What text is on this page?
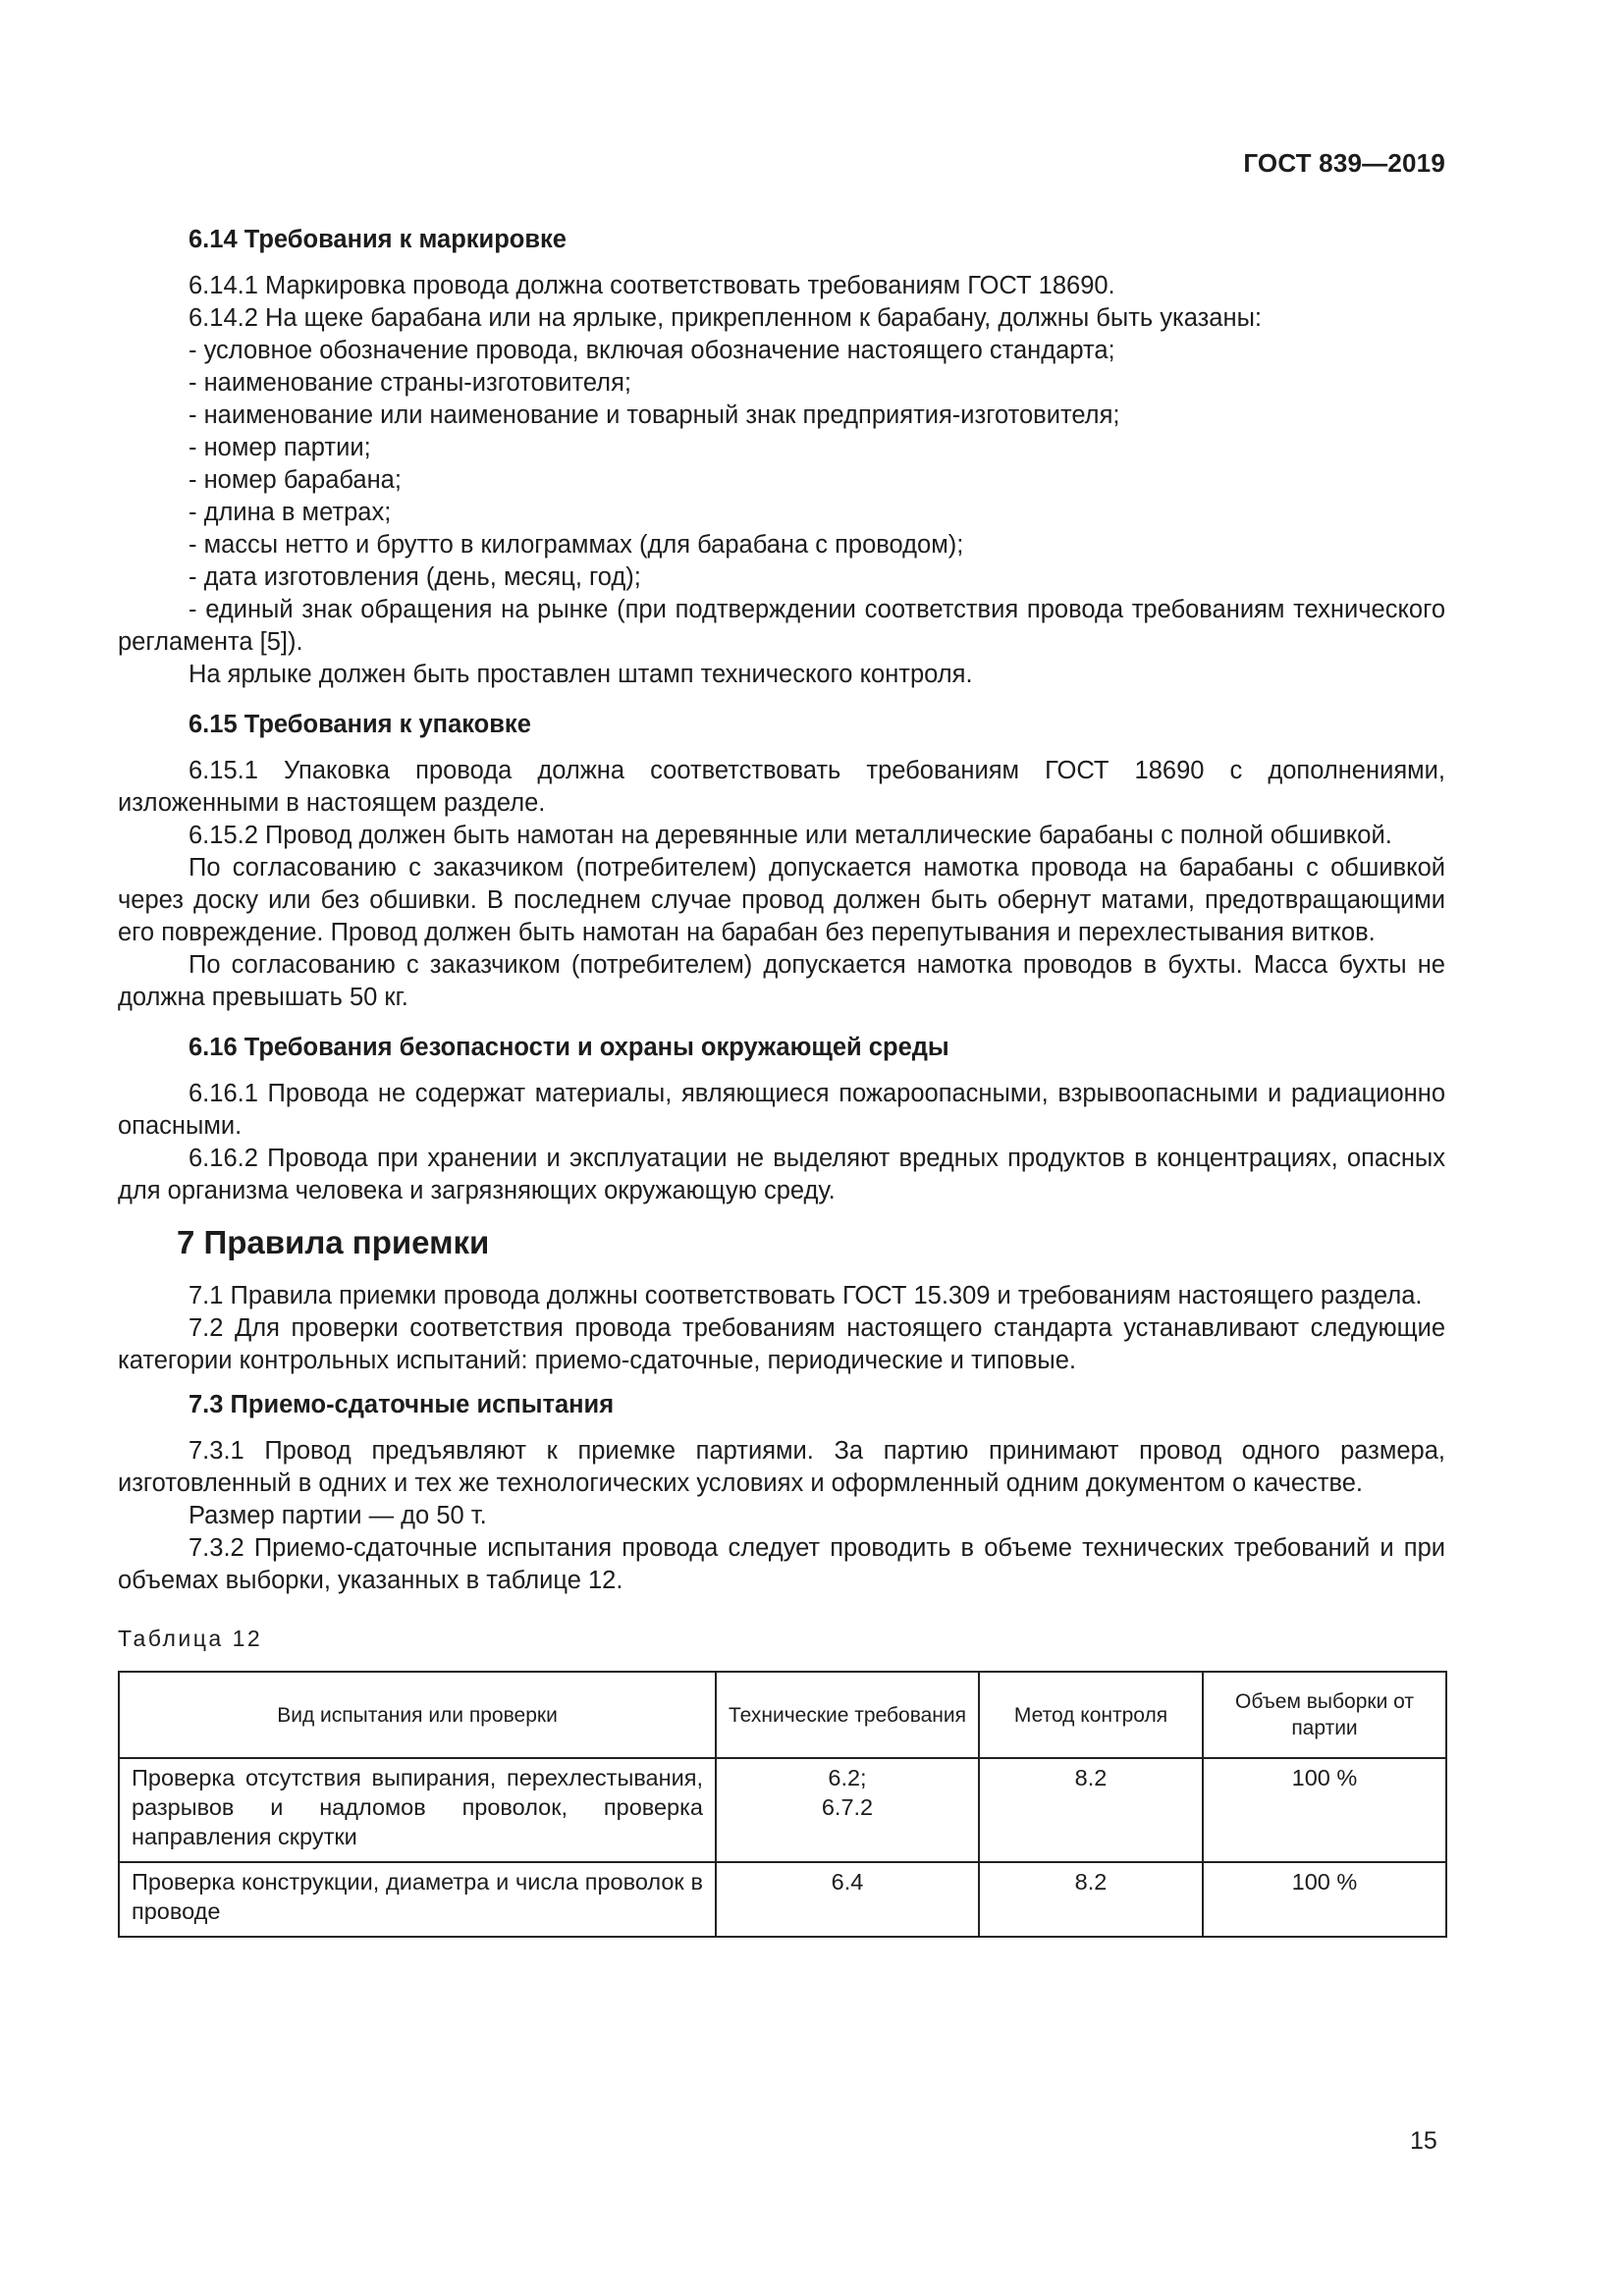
ГОСТ 839—2019
6.14 Требования к маркировке

6.14.1 Маркировка провода должна соответствовать требованиям ГОСТ 18690.

6.14.2 На щеке барабана или на ярлыке, прикрепленном к барабану, должны быть указаны:

- условное обозначение провода, включая обозначение настоящего стандарта;

- наименование страны-изготовителя;

- наименование или наименование и товарный знак предприятия-изготовителя;

- номер партии;

- номер барабана;

- длина в метрах;

- массы нетто и брутто в килограммах (для барабана с проводом);

- дата изготовления (день, месяц, год);

- единый знак обращения на рынке (при подтверждении соответствия провода требованиям технического регламента [5]).

На ярлыке должен быть проставлен штамп технического контроля.

6.15 Требования к упаковке

6.15.1 Упаковка провода должна соответствовать требованиям ГОСТ 18690 с дополнениями, изложенными в настоящем разделе.

6.15.2 Провод должен быть намотан на деревянные или металлические барабаны с полной обшивкой.

По согласованию с заказчиком (потребителем) допускается намотка провода на барабаны с обшивкой через доску или без обшивки. В последнем случае провод должен быть обернут матами, предотвращающими его повреждение. Провод должен быть намотан на барабан без перепутывания и перехлестывания витков.

По согласованию с заказчиком (потребителем) допускается намотка проводов в бухты. Масса бухты не должна превышать 50 кг.

6.16 Требования безопасности и охраны окружающей среды

6.16.1 Провода не содержат материалы, являющиеся пожароопасными, взрывоопасными и радиационно опасными.

6.16.2 Провода при хранении и эксплуатации не выделяют вредных продуктов в концентрациях, опасных для организма человека и загрязняющих окружающую среду.

7 Правила приемки

7.1 Правила приемки провода должны соответствовать ГОСТ 15.309 и требованиям настоящего раздела.

7.2 Для проверки соответствия провода требованиям настоящего стандарта устанавливают следующие категории контрольных испытаний: приемо-сдаточные, периодические и типовые.

7.3 Приемо-сдаточные испытания

7.3.1 Провод предъявляют к приемке партиями. За партию принимают провод одного размера, изготовленный в одних и тех же технологических условиях и оформленный одним документом о качестве.

Размер партии — до 50 т.

7.3.2 Приемо-сдаточные испытания провода следует проводить в объеме технических требований и при объемах выборки, указанных в таблице 12.

Таблица 12
Вид испытания или проверки	Технические требования	Метод контроля	Объем выборки от партии
Проверка отсутствия выпирания, перехлестывания, разрывов и надломов проволок, проверка направления скрутки	6.2;
6.7.2	8.2	100 %
Проверка конструкции, диаметра и числа проволок в проводе	6.4	8.2	100 %
15
